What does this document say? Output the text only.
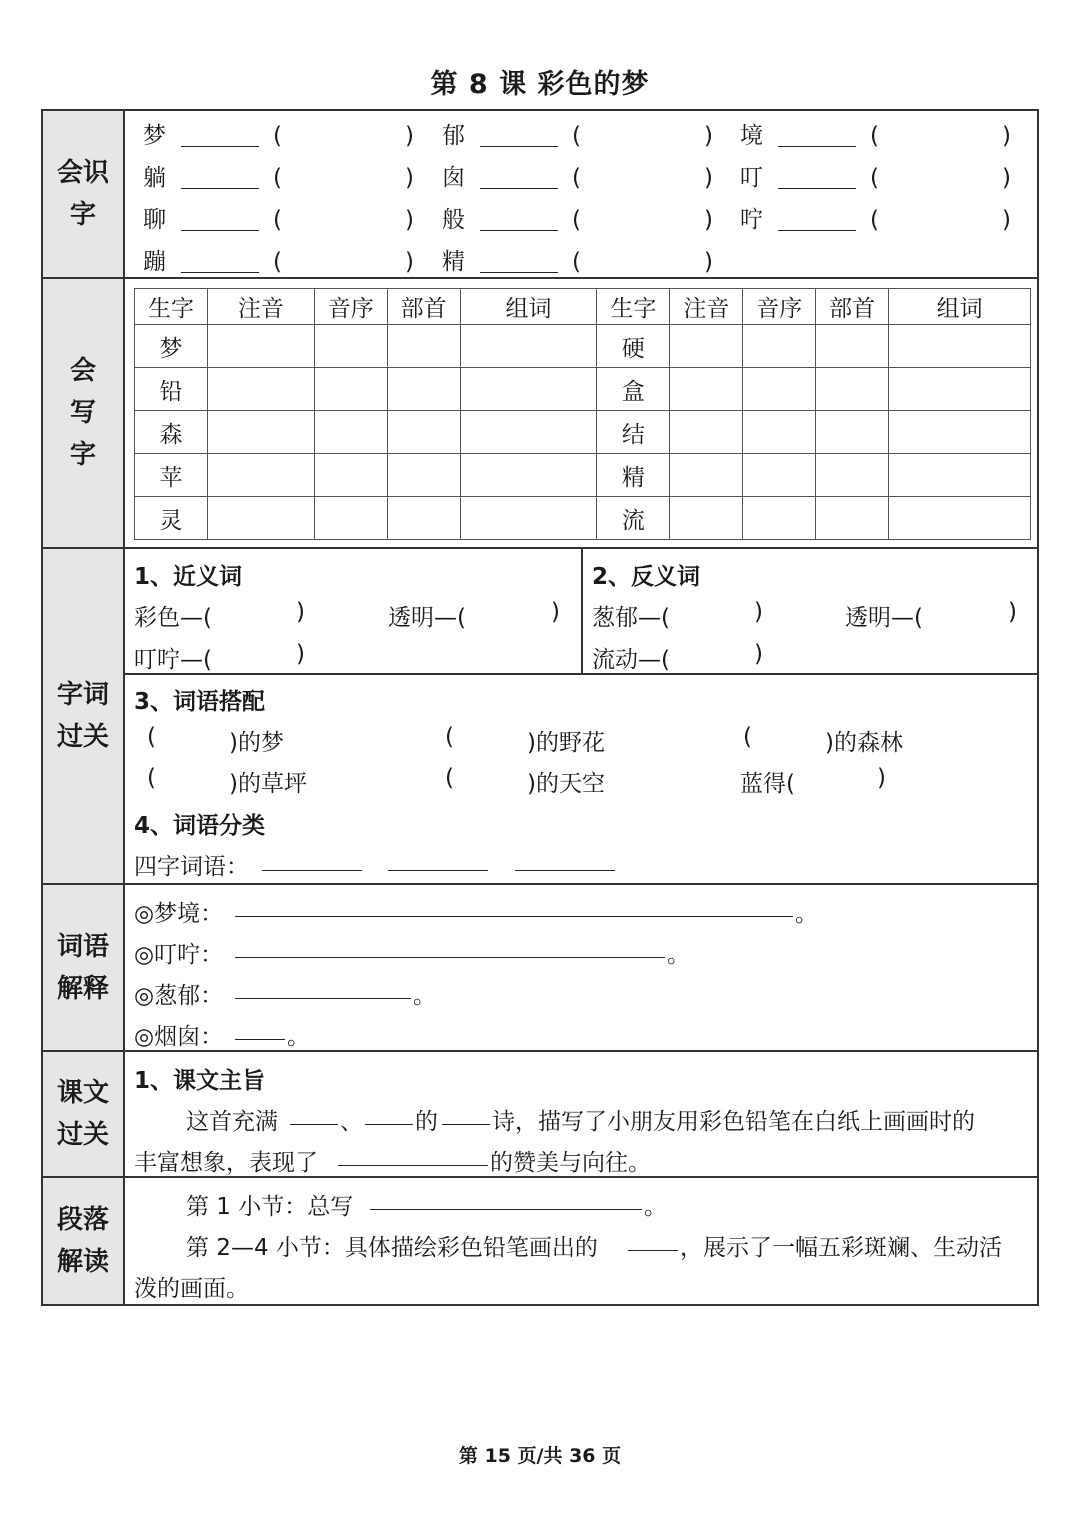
第 8 课 彩色的梦
会识
字
梦	(	) 郁	(	) 境	(	)
躺	(	) 囱	(	) 叮	(	)
聊	(	) 般	(	) 咛	(	)
蹦	(	) 精	(	)
会
写
字
生字	注音	音序	部首	组词	生字	注音	音序	部首	组词
梦					硬				
铅					盒				
森					结				
苹					精				
灵					流				
字词
过关
1、近义词
彩色—(	)	透明—(	)
叮咛—(	)
2、反义词
葱郁—(	)	透明—(	)
流动—(	)
3、词语搭配
(	)的梦	(	)的野花	(	)的森林
(	)的草坪	(	)的天空	蓝得(	)
4、词语分类
四字词语：
词语
解释
◎梦境：	。
◎叮咛：	。
◎葱郁：	。
◎烟囱：	。
课文
过关
1、课文主旨
这首充满	、 的 诗，描写了小朋友用彩色铅笔在白纸上画画时的
丰富想象，表现了	的赞美与向往。
段落
解读
第 1 小节：总写	。
第 2—4 小节：具体描绘彩色铅笔画出的	，展示了一幅五彩斑斓、生动活
泼的画面。
第 15 页/共 36 页
